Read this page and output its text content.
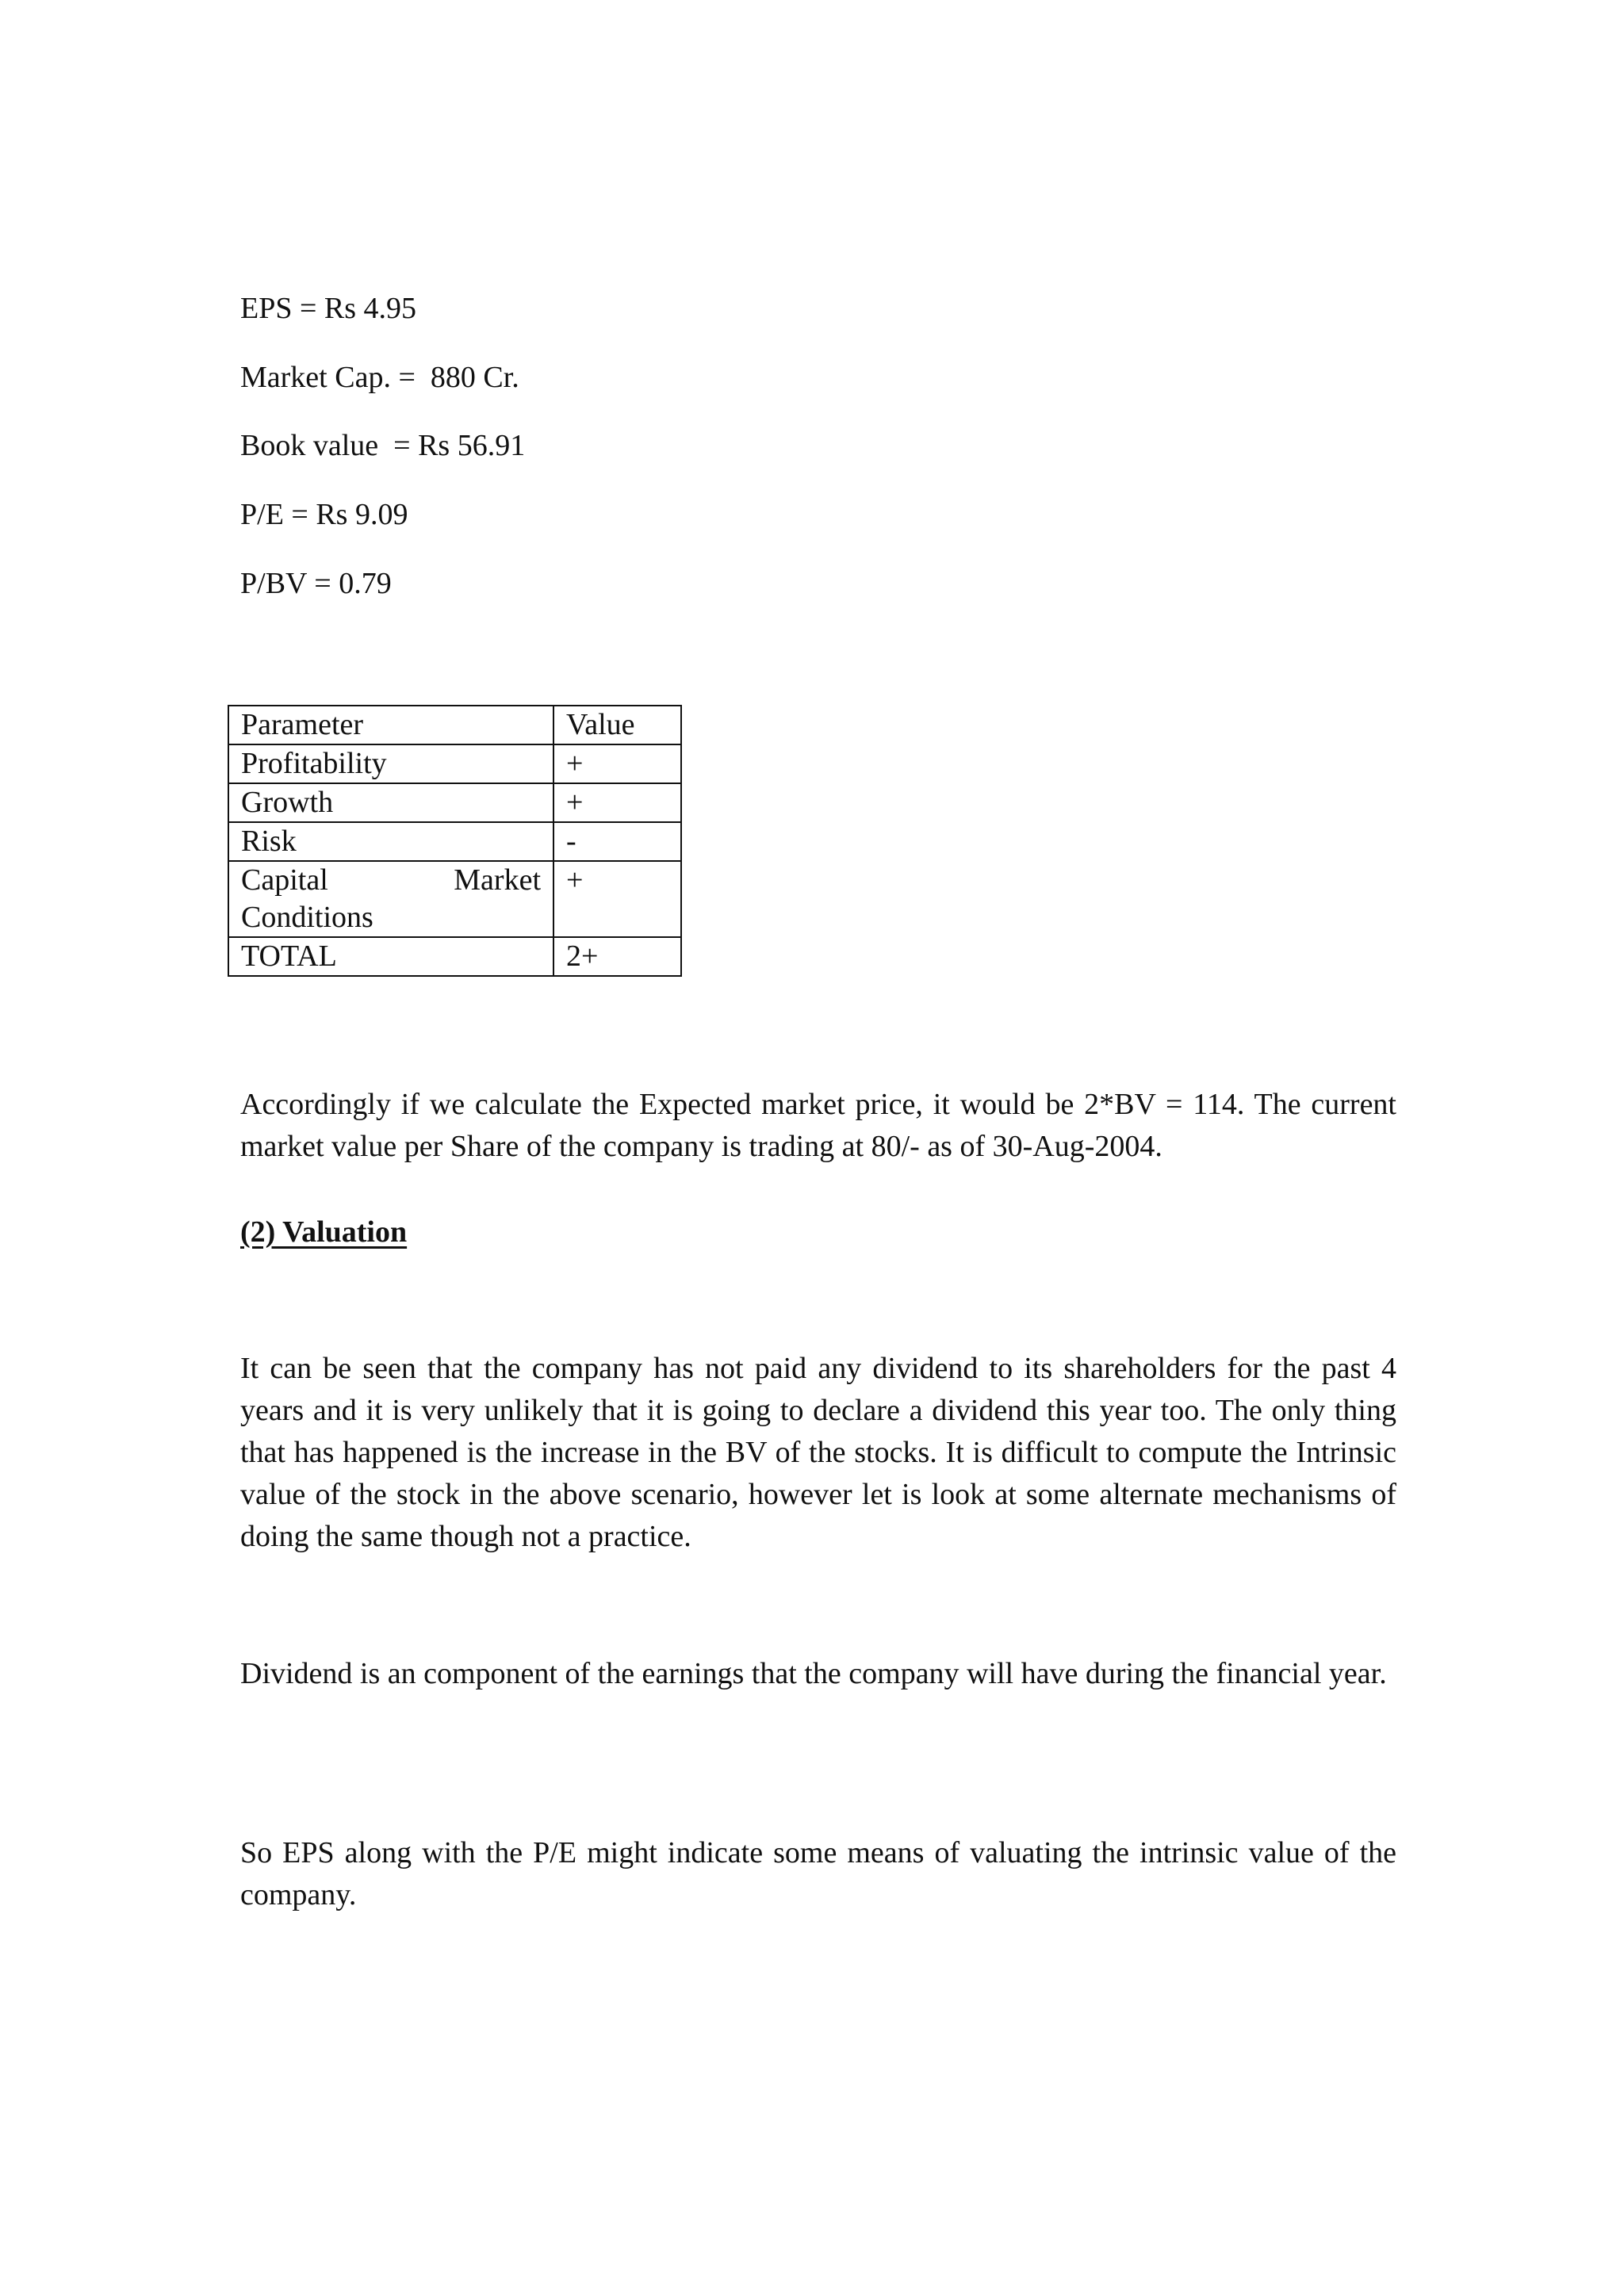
EPS = Rs 4.95
Market Cap. =  880 Cr.
Book value  = Rs 56.91
P/E = Rs 9.09
P/BV = 0.79
Parameter	Value
Profitability	+
Growth	+
Risk	-

Capital Market
Conditions	+
TOTAL	2+

Accordingly if we calculate the Expected market price, it would be 2*BV = 114. The current market value per Share of the company is trading at 80/- as of 30-Aug-2004.

(2) Valuation

It can be seen that the company has not paid any dividend to its shareholders for the past 4 years and it is very unlikely that it is going to declare a dividend this year too. The only thing that has happened is the increase in the BV of the stocks. It is difficult to compute the Intrinsic value of the stock in the above scenario, however let is look at some alternate mechanisms of doing the same though not a practice.

Dividend is an component of the earnings that the company will have during the financial year.

So EPS along with the P/E might indicate some means of valuating the intrinsic value of the company.
